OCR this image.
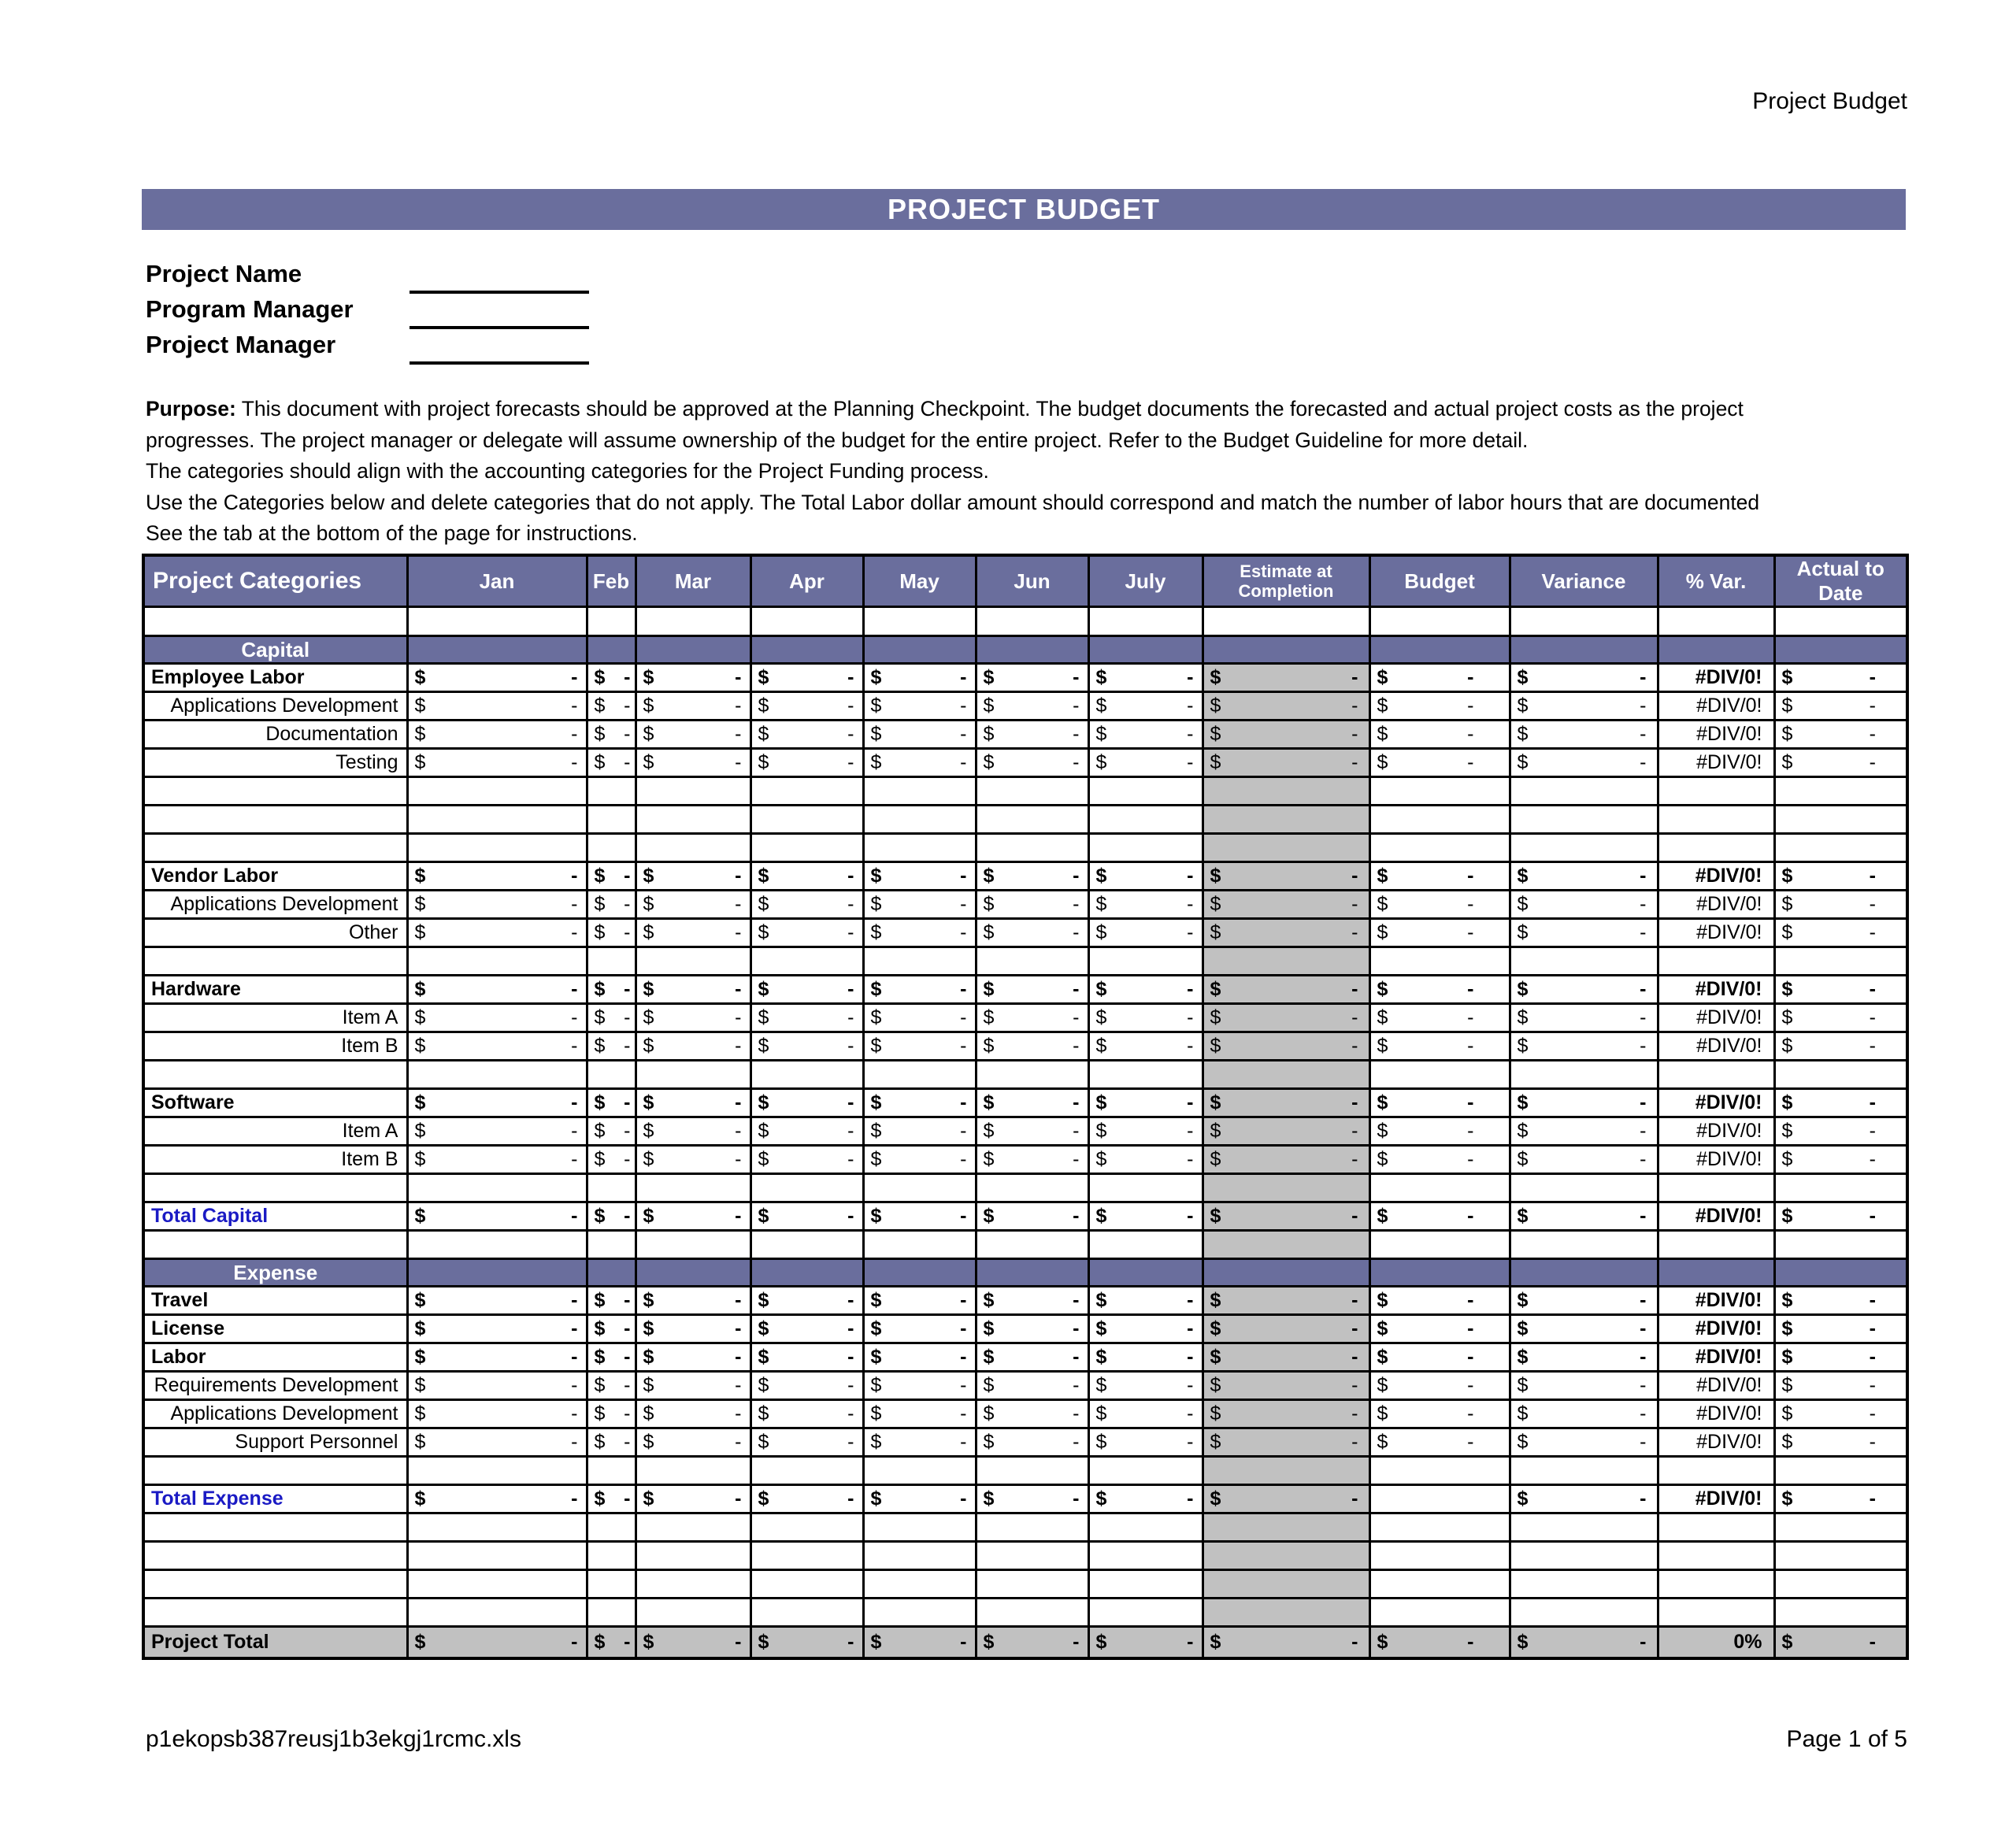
Project Budget
PROJECT BUDGET
Project Name
Program Manager
Project Manager
Purpose: This document with project forecasts should be approved at the Planning Checkpoint. The budget documents the forecasted and actual project costs as the project
progresses. The project manager or delegate will assume ownership of the budget for the entire project. Refer to the Budget Guideline for more detail.
The categories should align with the accounting categories for the Project Funding process.
Use the Categories below and delete categories that do not apply. The Total Labor dollar amount should correspond and match the number of labor hours that are documented
See the tab at the bottom of the page for instructions.
Project Categories	Jan	Feb	Mar	Apr	May	Jun	July	Estimate at Completion	Budget	Variance	% Var.	Actual to Date

Capital												
Employee Labor	$ -	$ -	$ -	$ -	$ -	$ -	$ -	$ -	$ -	$ -	#DIV/0!	$ -

Applications Development	$ -	$ -	$ -	$ -	$ -	$ -	$ -	$ -	$ -	$ -	#DIV/0!	$ -

Documentation	$ -	$ -	$ -	$ -	$ -	$ -	$ -	$ -	$ -	$ -	#DIV/0!	$ -

Testing	$ -	$ -	$ -	$ -	$ -	$ -	$ -	$ -	$ -	$ -	#DIV/0!	$ -

Vendor Labor	$ -	$ -	$ -	$ -	$ -	$ -	$ -	$ -	$ -	$ -	#DIV/0!	$ -

Applications Development	$ -	$ -	$ -	$ -	$ -	$ -	$ -	$ -	$ -	$ -	#DIV/0!	$ -

Other	$ -	$ -	$ -	$ -	$ -	$ -	$ -	$ -	$ -	$ -	#DIV/0!	$ -

Hardware	$ -	$ -	$ -	$ -	$ -	$ -	$ -	$ -	$ -	$ -	#DIV/0!	$ -

Item A	$ -	$ -	$ -	$ -	$ -	$ -	$ -	$ -	$ -	$ -	#DIV/0!	$ -

Item B	$ -	$ -	$ -	$ -	$ -	$ -	$ -	$ -	$ -	$ -	#DIV/0!	$ -

Software	$ -	$ -	$ -	$ -	$ -	$ -	$ -	$ -	$ -	$ -	#DIV/0!	$ -

Item A	$ -	$ -	$ -	$ -	$ -	$ -	$ -	$ -	$ -	$ -	#DIV/0!	$ -

Item B	$ -	$ -	$ -	$ -	$ -	$ -	$ -	$ -	$ -	$ -	#DIV/0!	$ -

Total Capital	$ -	$ -	$ -	$ -	$ -	$ -	$ -	$ -	$ -	$ -	#DIV/0!	$ -

Expense												
Travel	$ -	$ -	$ -	$ -	$ -	$ -	$ -	$ -	$ -	$ -	#DIV/0!	$ -

License	$ -	$ -	$ -	$ -	$ -	$ -	$ -	$ -	$ -	$ -	#DIV/0!	$ -

Labor	$ -	$ -	$ -	$ -	$ -	$ -	$ -	$ -	$ -	$ -	#DIV/0!	$ -

Requirements Development	$ -	$ -	$ -	$ -	$ -	$ -	$ -	$ -	$ -	$ -	#DIV/0!	$ -

Applications Development	$ -	$ -	$ -	$ -	$ -	$ -	$ -	$ -	$ -	$ -	#DIV/0!	$ -

Support Personnel	$ -	$ -	$ -	$ -	$ -	$ -	$ -	$ -	$ -	$ -	#DIV/0!	$ -

Total Expense	$ -	$ -	$ -	$ -	$ -	$ -	$ -	$ -		$ -	#DIV/0!	$ -

Project Total	$ -	$ -	$ -	$ -	$ -	$ -	$ -	$ -	$ -	$ -	0%	$ -
p1ekopsb387reusj1b3ekgj1rcmc.xls	Page 1 of 5
